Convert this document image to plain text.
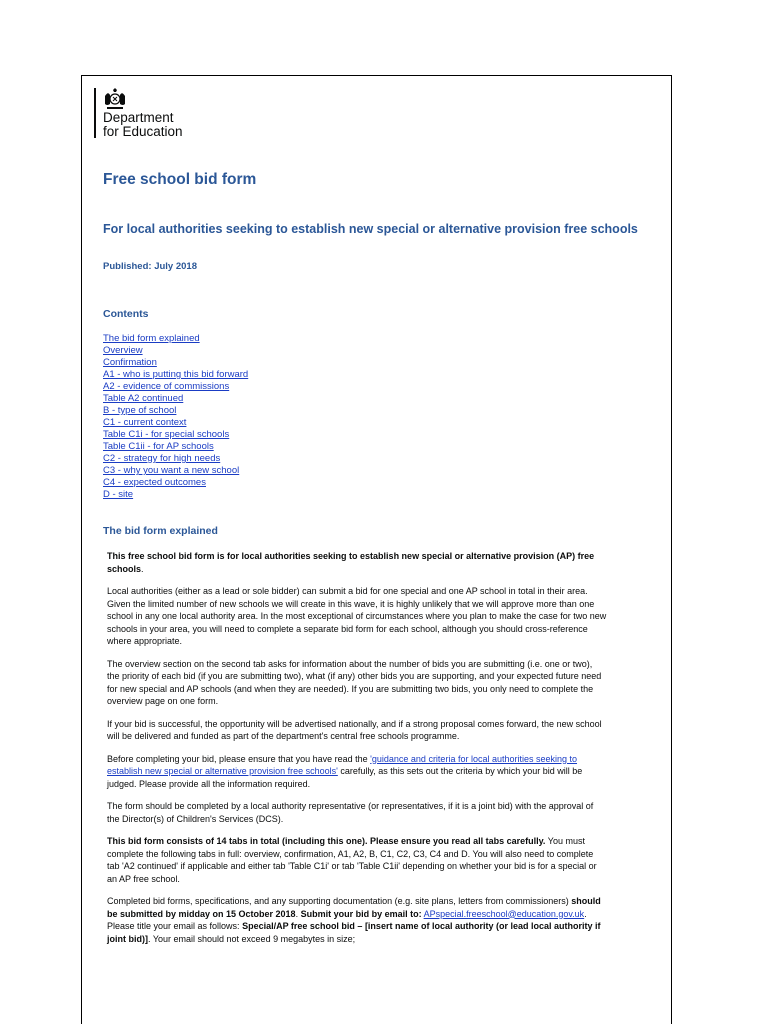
Department
for Education
Free school bid form
For local authorities seeking to establish new special or alternative provision free schools
Published: July 2018
Contents
The bid form explained
Overview
Confirmation
A1 - who is putting this bid forward
A2 - evidence of commissions
Table A2 continued
B - type of school
C1 - current context
Table C1i - for special schools
Table C1ii - for AP schools
C2 - strategy for high needs
C3 - why you want a new school
C4 - expected outcomes
D - site
The bid form explained

This free school bid form is for local authorities seeking to establish new special or alternative provision (AP) free schools.

Local authorities (either as a lead or sole bidder) can submit a bid for one special and one AP school in total in their area. Given the limited number of new schools we will create in this wave, it is highly unlikely that we will approve more than one school in any one local authority area. In the most exceptional of circumstances where you plan to make the case for two new schools in your area, you will need to complete a separate bid form for each school, although you should cross-reference where appropriate.

The overview section on the second tab asks for information about the number of bids you are submitting (i.e. one or two), the priority of each bid (if you are submitting two), what (if any) other bids you are supporting, and your expected future need for new special and AP schools (and when they are needed). If you are submitting two bids, you only need to complete the overview page on one form.

If your bid is successful, the opportunity will be advertised nationally, and if a strong proposal comes forward, the new school will be delivered and funded as part of the department's central free schools programme.

Before completing your bid, please ensure that you have read the 'guidance and criteria for local authorities seeking to establish new special or alternative provision free schools' carefully, as this sets out the criteria by which your bid will be judged. Please provide all the information required.

The form should be completed by a local authority representative (or representatives, if it is a joint bid) with the approval of the Director(s) of Children's Services (DCS).

This bid form consists of 14 tabs in total (including this one). Please ensure you read all tabs carefully. You must complete the following tabs in full: overview, confirmation, A1, A2, B, C1, C2, C3, C4 and D. You will also need to complete tab 'A2 continued' if applicable and either tab 'Table C1i' or tab 'Table C1ii' depending on whether your bid is for a special or an AP free school.

Completed bid forms, specifications, and any supporting documentation (e.g. site plans, letters from commissioners) should be submitted by midday on 15 October 2018. Submit your bid by email to: APspecial.freeschool@education.gov.uk. Please title your email as follows: Special/AP free school bid – [insert name of local authority (or lead local authority if joint bid)]. Your email should not exceed 9 megabytes in size;
